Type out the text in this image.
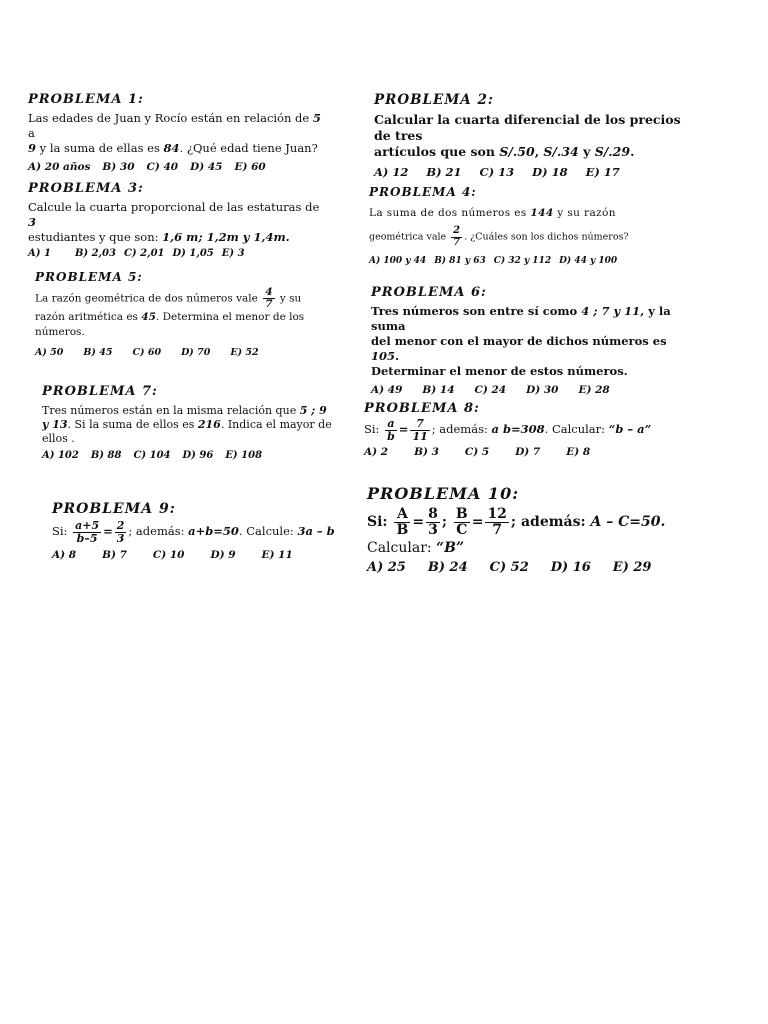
PROBLEMA 1:

Las edades de Juan y Rocío están en relación de 5 a
9 y la suma de ellas es 84. ¿Qué edad tiene Juan?

A) 20 años B) 30 C) 40 D) 45 E) 60
PROBLEMA 2:

Calcular la cuarta diferencial de los precios de tres
artículos que son S/.50, S/.34 y S/.29.

A) 12 B) 21 C) 13 D) 18 E) 17
PROBLEMA 3:

Calcule la cuarta proporcional de las estaturas de 3
estudiantes y que son: 1,6 m; 1,2m y 1,4m.

A) 1 B) 2,03 C) 2,01 D) 1,05 E) 3
PROBLEMA 4:

La suma de dos números es 144 y su razón

geométrica vale $\frac{2}{7}$ . ¿Cuáles son los dichos números?

A) 100 y 44 B) 81 y 63 C) 32 y 112 D) 44 y 100
PROBLEMA 5:

La razón geométrica de dos números vale $\frac{4}{7}$ y su
razón aritmética es 45. Determina el menor de los
números.

A) 50 B) 45 C) 60 D) 70 E) 52
PROBLEMA 6:

Tres números son entre sí como 4 ; 7 y 11, y la suma
del menor con el mayor de dichos números es 105.
Determinar el menor de estos números.

A) 49 B) 14 C) 24 D) 30 E) 28
PROBLEMA 7:

Tres números están en la misma relación que 5 ; 9
y 13. Si la suma de ellos es 216. Indica el mayor de
ellos .

A) 102 B) 88 C) 104 D) 96 E) 108
PROBLEMA 8:

Si: $\frac{a}{b} = \frac{7}{11}$ ; además: a b=308. Calcular: “b – a”

A) 2 B) 3 C) 5 D) 7 E) 8
PROBLEMA 9:

Si: $\frac{a+5}{b-5} = \frac{2}{3}$ ; además: a+b=50. Calcule: 3a – b

A) 8 B) 7 C) 10 D) 9 E) 11
PROBLEMA 10:

Si: $\frac{A}{B} = \frac{8}{3}$ ; $\frac{B}{C} = \frac{12}{7}$ ; además: A – C=50.

Calcular: “B”

A) 25 B) 24 C) 52 D) 16 E) 29
